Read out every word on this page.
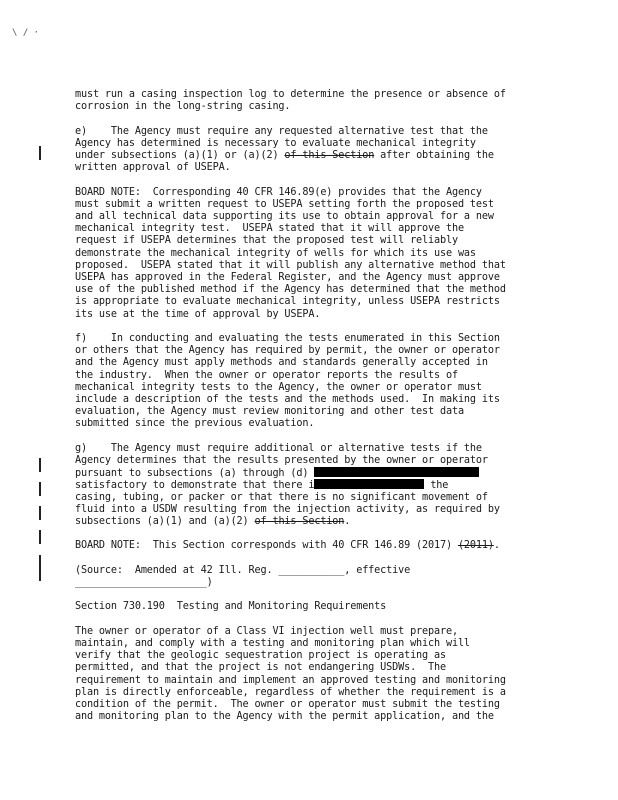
\ / ·
must run a casing inspection log to determine the presence or absence of
corrosion in the long-string casing.
e)    The Agency must require any requested alternative test that the
Agency has determined is necessary to evaluate mechanical integrity
under subsections (a)(1) or (a)(2) of this Section after obtaining the
written approval of USEPA.
BOARD NOTE:  Corresponding 40 CFR 146.89(e) provides that the Agency
must submit a written request to USEPA setting forth the proposed test
and all technical data supporting its use to obtain approval for a new
mechanical integrity test.  USEPA stated that it will approve the
request if USEPA determines that the proposed test will reliably
demonstrate the mechanical integrity of wells for which its use was
proposed.  USEPA stated that it will publish any alternative method that
USEPA has approved in the Federal Register, and the Agency must approve
use of the published method if the Agency has determined that the method
is appropriate to evaluate mechanical integrity, unless USEPA restricts
its use at the time of approval by USEPA.
f)    In conducting and evaluating the tests enumerated in this Section
or others that the Agency has required by permit, the owner or operator
and the Agency must apply methods and standards generally accepted in
the industry.  When the owner or operator reports the results of
mechanical integrity tests to the Agency, the owner or operator must
include a description of the tests and the methods used.  In making its
evaluation, the Agency must review monitoring and other test data
submitted since the previous evaluation.
g)    The Agency must require additional or alternative tests if the
Agency determines that the results presented by the owner or operator
pursuant to subsections (a) through (d)
satisfactory to demonstrate that there i	the
casing, tubing, or packer or that there is no significant movement of
fluid into a USDW resulting from the injection activity, as required by
subsections (a)(1) and (a)(2) of this Section.
BOARD NOTE:  This Section corresponds with 40 CFR 146.89 (2017) (2011).
(Source:  Amended at 42 Ill. Reg. ___________, effective
______________________)
Section 730.190  Testing and Monitoring Requirements
The owner or operator of a Class VI injection well must prepare,
maintain, and comply with a testing and monitoring plan which will
verify that the geologic sequestration project is operating as
permitted, and that the project is not endangering USDWs.  The
requirement to maintain and implement an approved testing and monitoring
plan is directly enforceable, regardless of whether the requirement is a
condition of the permit.  The owner or operator must submit the testing
and monitoring plan to the Agency with the permit application, and the
